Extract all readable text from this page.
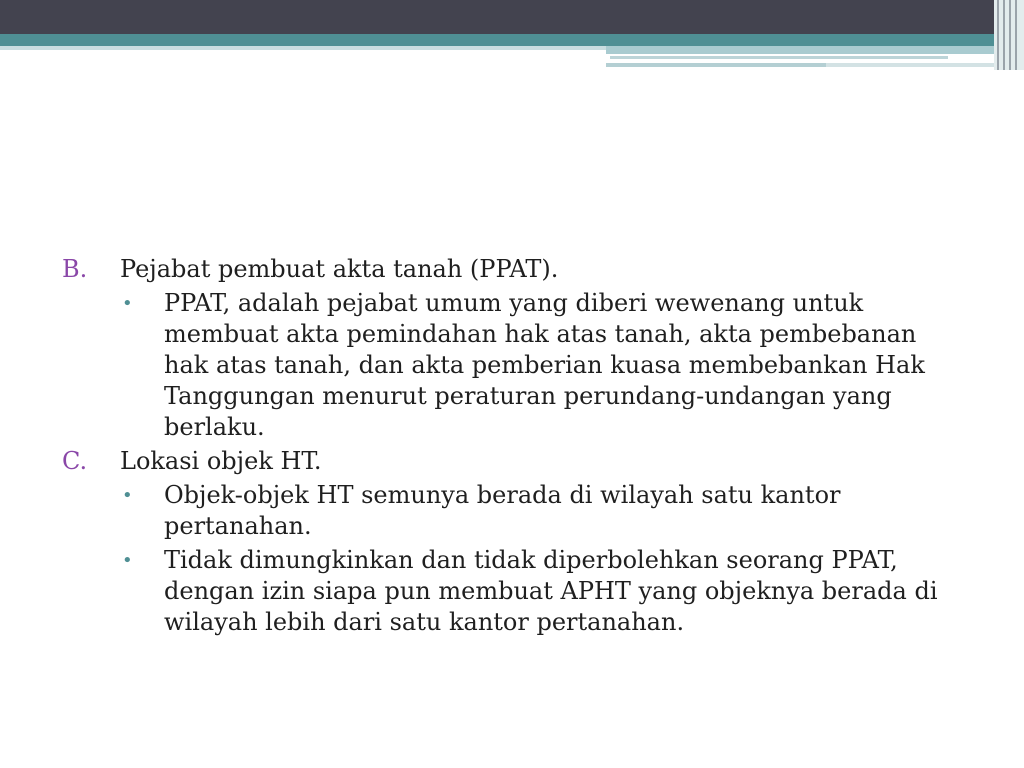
B. Pejabat pembuat akta tanah (PPAT).
• PPAT, adalah pejabat umum yang diberi wewenang untuk membuat akta pemindahan hak atas tanah, akta pembebanan hak atas tanah, dan akta pemberian kuasa membebankan Hak Tanggungan menurut peraturan perundang-undangan yang berlaku.
C. Lokasi objek HT.
• Objek-objek HT semunya berada di wilayah satu kantor pertanahan.
• Tidak dimungkinkan dan tidak diperbolehkan seorang PPAT, dengan izin siapa pun membuat APHT yang objeknya berada di wilayah lebih dari satu kantor pertanahan.
